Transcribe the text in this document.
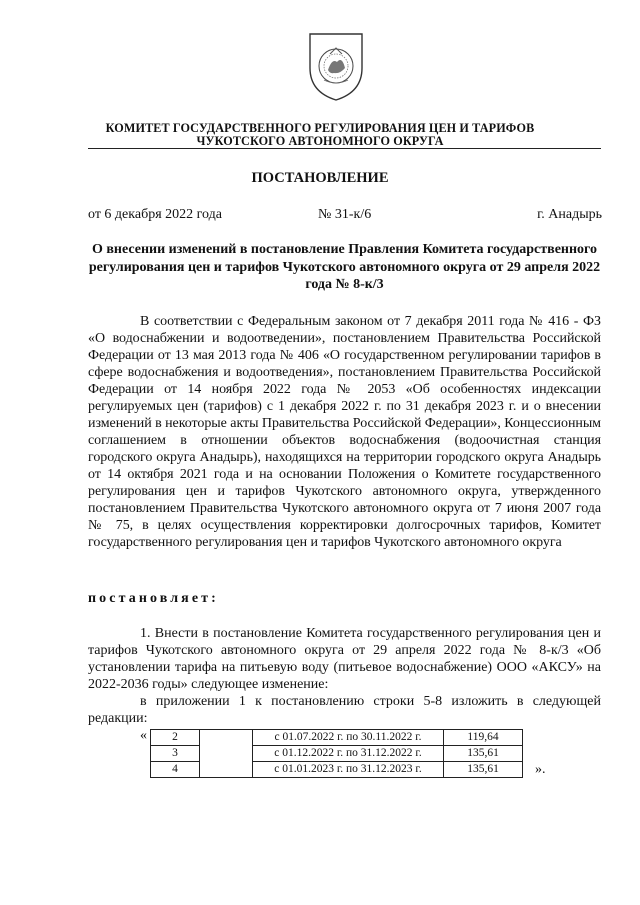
КОМИТЕТ ГОСУДАРСТВЕННОГО РЕГУЛИРОВАНИЯ ЦЕН И ТАРИФОВ
ЧУКОТСКОГО АВТОНОМНОГО ОКРУГА
ПОСТАНОВЛЕНИЕ
от 6 декабря 2022 года	№ 31-к/6	г. Анадырь
О внесении изменений в постановление Правления Комитета государственного регулирования цен и тарифов Чукотского автономного округа от 29 апреля 2022 года № 8-к/3

В соответствии с Федеральным законом от 7 декабря 2011 года № 416 - ФЗ «О водоснабжении и водоотведении», постановлением Правительства Российской Федерации от 13 мая 2013 года № 406 «О государственном регулировании тарифов в сфере водоснабжения и водоотведения», постановлением Правительства Российской Федерации от 14 ноября 2022 года № 2053 «Об особенностях индексации регулируемых цен (тарифов) с 1 декабря 2022 г. по 31 декабря 2023 г. и о внесении изменений в некоторые акты Правительства Российской Федерации», Концессионным соглашением в отношении объектов водоснабжения (водоочистная станция городского округа Анадырь), находящихся на территории городского округа Анадырь от 14 октября 2021 года и на основании Положения о Комитете государственного регулирования цен и тарифов Чукотского автономного округа, утвержденного постановлением Правительства Чукотского автономного округа от 7 июня 2007 года № 75, в целях осуществления корректировки долгосрочных тарифов, Комитет государственного регулирования цен и тарифов Чукотского автономного округа

постановляет:

1. Внести в постановление Комитета государственного регулирования цен и тарифов Чукотского автономного округа от 29 апреля 2022 года № 8-к/3 «Об установлении тарифа на питьевую воду (питьевое водоснабжение) ООО «АКСУ» на 2022-2036 годы» следующее изменение:

в приложении 1 к постановлению строки 5-8 изложить в следующей редакции:

« 2		с 01.07.2022 г. по 30.11.2022 г.	119,64
3		с 01.12.2022 г. по 31.12.2022 г.	135,61
4		с 01.01.2023 г. по 31.12.2023 г.	135,61	».
